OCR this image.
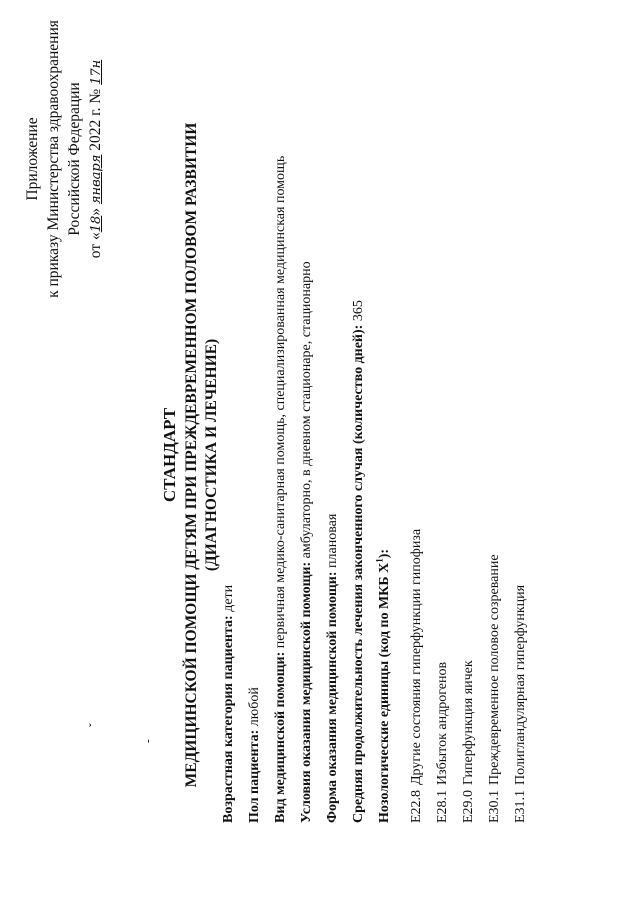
Приложение к приказу Министерства здравоохранения Российской Федерации
от «18» января 2022 г. № 17н
ˇ
-
СТАНДАРТ МЕДИЦИНСКОЙ ПОМОЩИ ДЕТЯМ ПРИ ПРЕЖДЕВРЕМЕННОМ ПОЛОВОМ РАЗВИТИИ (ДИАГНОСТИКА И ЛЕЧЕНИЕ)
Возрастная категория пациента: дети
Пол пациента: любой Вид медицинской помощи: первичная медико-санитарная помощь, специализированная медицинская помощь
Условия оказания медицинской помощи: амбулаторно, в дневном стационаре, стационарно
Форма оказания медицинской помощи: плановая Средняя продолжительность лечения законченного случая (количество дней): 365
Нозологические единицы (код по МКБ $X^1$):
E22.8
Другие состояния гиперфункции гипофиза
E28.1
Избыток андрогенов
E29.0
Гиперфункция яичек
E30.1
Преждевременное половое созревание
E31.1
Полигландулярная гиперфункция
